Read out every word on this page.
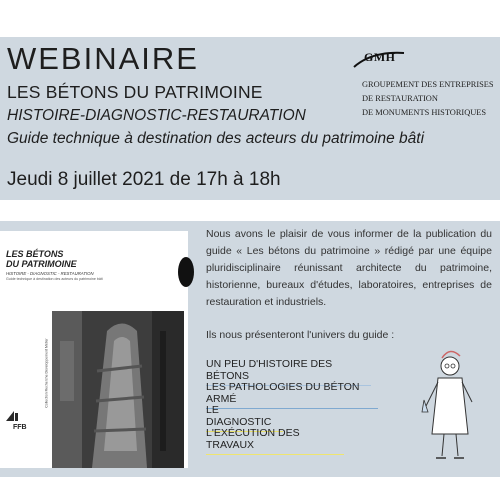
WEBINAIRE
LES BÉTONS DU PATRIMOINE
HISTOIRE-DIAGNOSTIC-RESTAURATION
Guide technique à destination des acteurs du patrimoine bâti
Jeudi 8 juillet 2021 de 17h à 18h
GMH
GROUPEMENT DES ENTREPRISES
DE RESTAURATION
DE MONUMENTS HISTORIQUES
LES BÉTONS
DU PATRIMOINE
HISTOIRE - DIAGNOSTIC - RESTAURATION
Guide technique à destination des acteurs du patrimoine bâti
Collection Recherche Développement Métier
FFB
Nous avons le plaisir de vous informer de la publication du guide « Les bétons du patrimoine » rédigé par une équipe pluridisciplinaire réunissant architecte du patrimoine, historienne, bureaux d'études, laboratoires, entreprises de restauration et industriels.
Ils nous présenteront l'univers du guide :
UN PEU D'HISTOIRE DES BÉTONS
LES PATHOLOGIES DU BÉTON ARMÉ
LE DIAGNOSTIC
L'EXÉCUTION DES TRAVAUX
